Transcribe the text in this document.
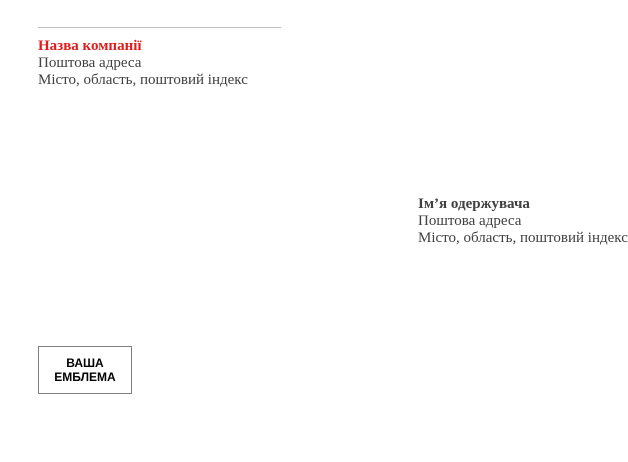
Назва компанії
Поштова адреса
Місто, область, поштовий індекс
Ім’я одержувача
Поштова адреса
Місто, область, поштовий індекс
ВАША
ЕМБЛЕМА
